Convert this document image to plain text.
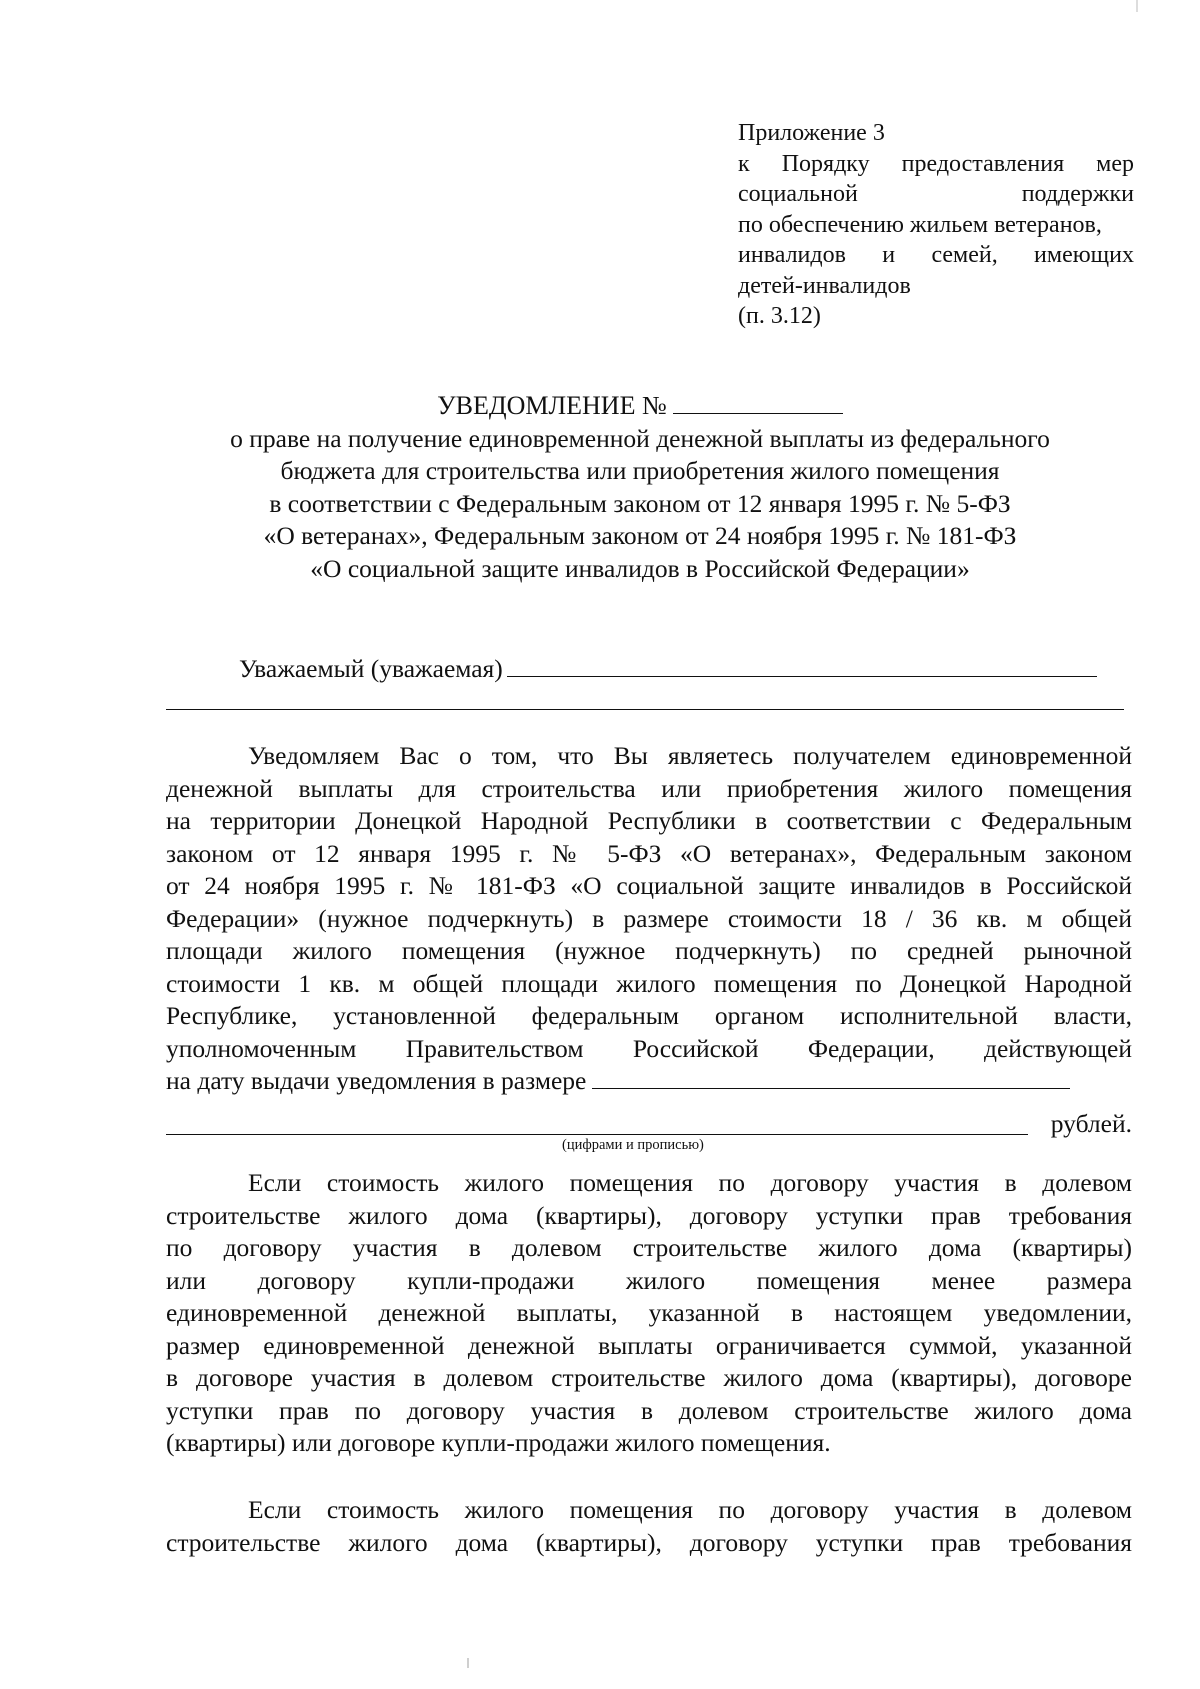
Приложение 3
к Порядку предоставления мер
социальной поддержки
по обеспечению жильем ветеранов,
инвалидов и семей, имеющих
детей-инвалидов
(п. 3.12)
УВЕДОМЛЕНИЕ №
о праве на получение единовременной денежной выплаты из федерального
бюджета для строительства или приобретения жилого помещения
в соответствии с Федеральным законом от 12 января 1995 г. № 5-ФЗ
«О ветеранах», Федеральным законом от 24 ноября 1995 г. № 181-ФЗ
«О социальной защите инвалидов в Российской Федерации»
Уважаемый (уважаемая)
Уведомляем Вас о том, что Вы являетесь получателем единовременной
денежной выплаты для строительства или приобретения жилого помещения
на территории Донецкой Народной Республики в соответствии с Федеральным
законом от 12 января 1995 г. № 5-ФЗ «О ветеранах», Федеральным законом
от 24 ноября 1995 г. № 181-ФЗ «О социальной защите инвалидов в Российской
Федерации» (нужное подчеркнуть) в размере стоимости 18 / 36 кв. м общей
площади жилого помещения (нужное подчеркнуть) по средней рыночной
стоимости 1 кв. м общей площади жилого помещения по Донецкой Народной
Республике, установленной федеральным органом исполнительной власти,
уполномоченным Правительством Российской Федерации, действующей
на дату выдачи уведомления в размере
рублей.
(цифрами и прописью)
Если стоимость жилого помещения по договору участия в долевом
строительстве жилого дома (квартиры), договору уступки прав требования
по договору участия в долевом строительстве жилого дома (квартиры)
или договору купли-продажи жилого помещения менее размера
единовременной денежной выплаты, указанной в настоящем уведомлении,
размер единовременной денежной выплаты ограничивается суммой, указанной
в договоре участия в долевом строительстве жилого дома (квартиры), договоре
уступки прав по договору участия в долевом строительстве жилого дома
(квартиры) или договоре купли-продажи жилого помещения.
Если стоимость жилого помещения по договору участия в долевом
строительстве жилого дома (квартиры), договору уступки прав требования
